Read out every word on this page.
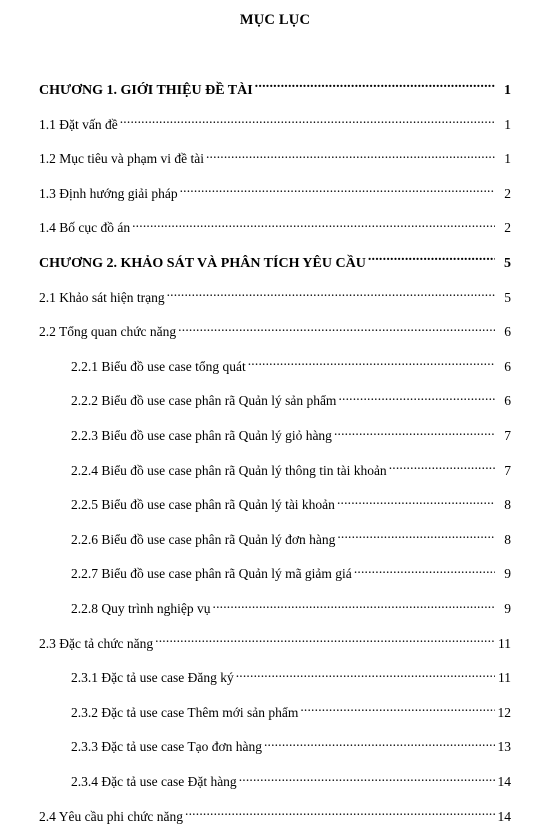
MỤC LỤC
CHƯƠNG 1. GIỚI THIỆU ĐỀ TÀI .....	1
1.1 Đặt vấn đề .....	1
1.2 Mục tiêu và phạm vi đề tài .....	1
1.3 Định hướng giải pháp .....	2
1.4 Bố cục đồ án .....	2
CHƯƠNG 2. KHẢO SÁT VÀ PHÂN TÍCH YÊU CẦU .....	5
2.1 Khảo sát hiện trạng .....	5
2.2 Tổng quan chức năng .....	6
2.2.1 Biểu đồ use case tổng quát .....	6
2.2.2 Biểu đồ use case phân rã Quản lý sản phẩm .....	6
2.2.3 Biểu đồ use case phân rã Quản lý giỏ hàng .....	7
2.2.4 Biểu đồ use case phân rã Quản lý thông tin tài khoản .....	7
2.2.5 Biểu đồ use case phân rã Quản lý tài khoản .....	8
2.2.6 Biểu đồ use case phân rã Quản lý đơn hàng .....	8
2.2.7 Biểu đồ use case phân rã Quản lý mã giảm giá .....	9
2.2.8 Quy trình nghiệp vụ .....	9
2.3 Đặc tả chức năng .....	11
2.3.1 Đặc tả use case Đăng ký .....	11
2.3.2 Đặc tả use case Thêm mới sản phẩm .....	12
2.3.3 Đặc tả use case Tạo đơn hàng .....	13
2.3.4 Đặc tả use case Đặt hàng .....	14
2.4 Yêu cầu phi chức năng .....	14
